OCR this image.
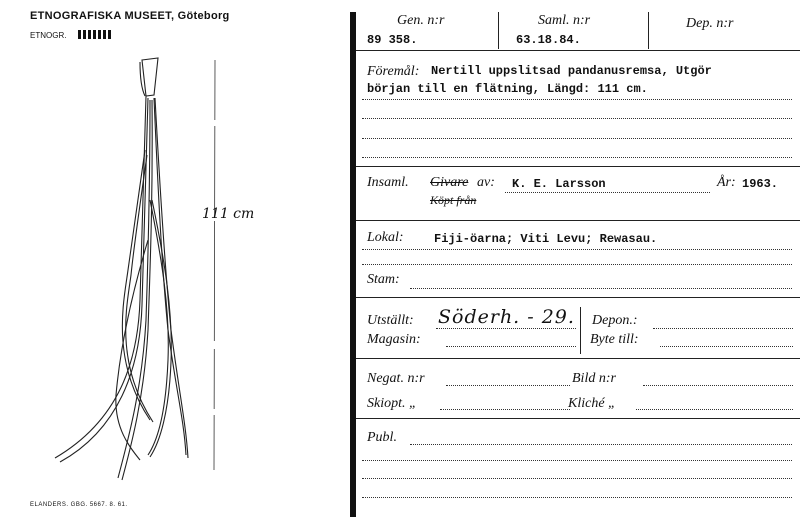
ETNOGRAFISKA MUSEET, Göteborg
ETNOGR.
111 cm
ELANDERS. GBG. 5667. 8. 61.
Gen. n:r
89 358.
Saml. n:r
63.18.84.
Dep. n:r
Föremål: Nertill uppslitsad pandanusremsa, Utgör
början till en flätning, Längd: 111 cm.
Insaml. Givare av: K. E. Larsson	År: 1963.
Köpt från
Lokal:	Fiji-öarna; Viti Levu; Rewasau.
Stam:
Utställt: Söderh. - 29. Depon.:
Magasin:	Byte till:
Negat. n:r	Bild n:r
Skiopt. „	Kliché „
Publ.
